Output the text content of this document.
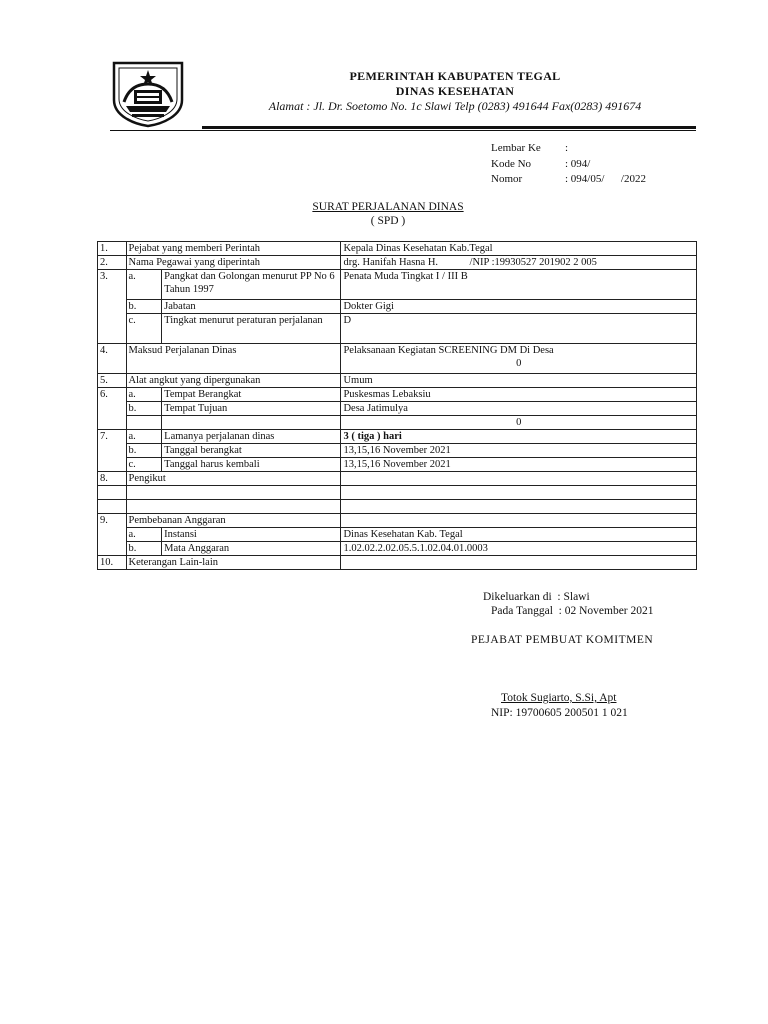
PEMERINTAH KABUPATEN TEGAL
DINAS KESEHATAN
Alamat : Jl. Dr. Soetomo No. 1c Slawi Telp (0283) 491644 Fax(0283) 491674
Lembar Ke	:
Kode No	: 094/
Nomor	: 094/05/      /2022
SURAT PERJALANAN DINAS
( SPD )
1.	Pejabat yang memberi Perintah		Kepala Dinas Kesehatan Kab.Tegal
2.	Nama Pegawai yang diperintah		drg. Hanifah Hasna H.            /NIP :19930527 201902 2 005
3.	a.	Pangkat dan Golongan menurut PP No 6 Tahun 1997	Penata Muda Tingkat I / III B
	b.	Jabatan	Dokter Gigi
	c.	Tingkat menurut peraturan perjalanan	D
4.	Maksud Perjalanan Dinas		Pelaksanaan Kegiatan SCREENING DM Di Desa
0

5.	Alat angkut yang dipergunakan		Umum
6.	a.	Tempat Berangkat	Puskesmas Lebaksiu
	b.	Tempat Tujuan	Desa Jatimulya
			0
7.	a.	Lamanya perjalanan dinas	3 ( tiga ) hari
	b.	Tanggal berangkat	13,15,16 November 2021
	c.	Tanggal harus kembali	13,15,16 November 2021
8.	Pengikut		

9.	Pembebanan Anggaran		
	a.	Instansi	Dinas Kesehatan Kab. Tegal
	b.	Mata Anggaran	1.02.02.2.02.05.5.1.02.04.01.0003
10.	Keterangan Lain-lain		
Dikeluarkan di  : Slawi
Pada Tanggal  : 02 November 2021
PEJABAT PEMBUAT KOMITMEN
Totok Sugiarto, S.Si, Apt
NIP: 19700605 200501 1 021
